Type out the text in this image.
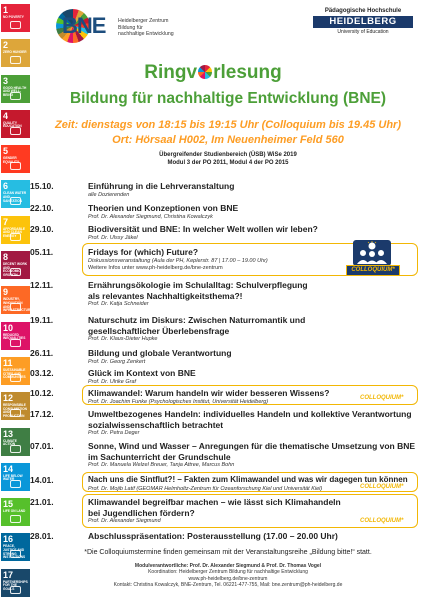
1
NO POVERTY
2
ZERO HUNGER
3
GOOD HEALTH AND WELL-BEING
4
QUALITY EDUCATION
5
GENDER EQUALITY
6
CLEAN WATER AND SANITATION
7
AFFORDABLE AND CLEAN ENERGY
8
DECENT WORK AND ECONOMIC GROWTH
9
INDUSTRY, INNOVATION AND INFRASTRUCTURE
10
REDUCED INEQUALITIES
11
SUSTAINABLE CITIES AND COMMUNITIES
12
RESPONSIBLE CONSUMPTION AND PRODUCTION
13
CLIMATE ACTION
14
LIFE BELOW WATER
15
LIFE ON LAND
16
PEACE, JUSTICE AND STRONG INSTITUTIONS
17
PARTNERSHIPS FOR THE GOALS
BNE Heidelberger Zentrum
Bildung für
nachhaltige Entwicklung
Pädagogische Hochschule
HEIDELBERG
University of Education
Ringv rlesung
Bildung für nachhaltige Entwicklung (BNE)
Zeit: dienstags von 18:15 bis 19:15 Uhr (Colloquium bis 19.45 Uhr)
Ort: Hörsaal H002, Im Neuenheimer Feld 560
Übergreifender Studienbereich (ÜSB) WiSe 2019
Modul 3 der PO 2011, Modul 4 der PO 2015
15.10.	Einführung in die Lehrveranstaltung
alle Dozierenden
22.10.	Theorien und Konzeptionen von BNE
Prof. Dr. Alexander Siegmund, Christina Kowalczyk
29.10.	Biodiversität und BNE: In welcher Welt wollen wir leben?
Prof. Dr. Ulssy Jäkel
05.11.	Fridays for (which) Future?
Diskussionsveranstaltung (Aula der PH, Keplerstr. 87 | 17.00 – 19.00 Uhr)
Weitere Infos unter www.ph-heidelberg.de/bne-zentrum
12.11.	Ernährungsökologie im Schulalltag: Schulverpflegung als relevantes Nachhaltigkeitsthema?!
Prof. Dr. Katja Schneider
19.11.	Naturschutz im Diskurs: Zwischen Naturromantik und gesellschaftlicher Überlebensfrage
Prof. Dr. Klaus-Dieter Hupke
26.11.	Bildung und globale Verantwortung
Prof. Dr. Georg Zenkert
03.12.	Glück im Kontext von BNE
Prof. Dr. Ulrike Graf
10.12.	Klimawandel: Warum handeln wir wider besseren Wissens?
Prof. Dr. Joachim Funke (Psychologisches Institut, Universität Heidelberg)
17.12.	Umweltbezogenes Handeln: individuelles Handeln und kollektive Verantwortung sozialwissenschaftlich betrachtet
Prof. Dr. Petra Deger
07.01.	Sonne, Wind und Wasser – Anregungen für die thematische Umsetzung von BNE im Sachunterricht der Grundschule
Prof. Dr. Manuela Welzel Breuer, Tanja Attree, Marcus Bohn
14.01.	Nach uns die Sintflut?! – Fakten zum Klimawandel und was wir dagegen tun können
Prof. Dr. Mojib Latif (GEOMAR Helmholtz-Zentrum für Ozeanforschung Kiel und Universität Kiel)
21.01.	Klimawandel begreifbar machen – wie lässt sich Klimahandeln bei Jugendlichen fördern?
Prof. Dr. Alexander Siegmund
28.01.	Abschlusspräsentation: Posterausstellung (17.00 – 20.00 Uhr)
COLLOQUIUM*
COLLOQUIUM*
COLLOQUIUM*
COLLOQUIUM*
*Die Colloquiumstermine finden gemeinsam mit der Veranstaltungsreihe „Bildung bitte!“ statt.
Modulverantwortliche: Prof. Dr. Alexander Siegmund & Prof. Dr. Thomas Vogel
Koordination: Heidelberger Zentrum Bildung für nachhaltige Entwicklung
www.ph-heidelberg.de/bne-zentrum
Kontakt: Christina Kowalczyk, BNE-Zentrum, Tel. 06221-477-755, Mail: bne.zentrum@ph-heidelberg.de
